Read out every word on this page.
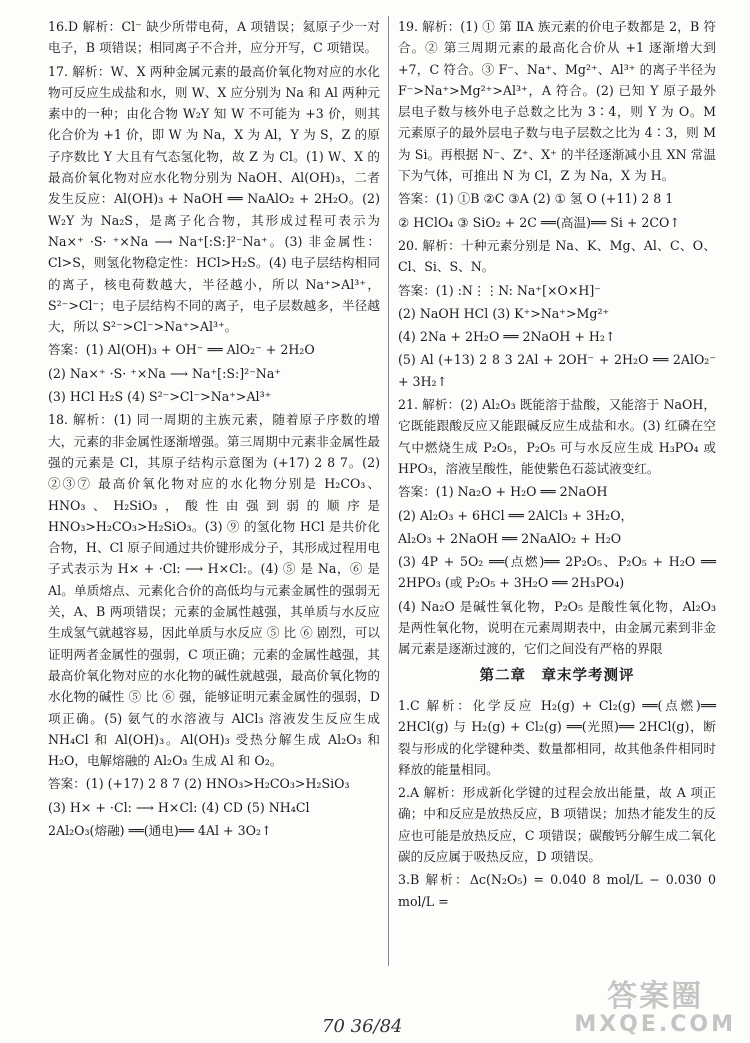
16.D 解析：Cl⁻ 缺少所带电荷，A 项错误；氦原子少一对电子，B 项错误；相同离子不合并，应分开写，C 项错误。

17. 解析：W、X 两种金属元素的最高价氧化物对应的水化物可反应生成盐和水，则 W、X 应分别为 Na 和 Al 两种元素中的一种；由化合物 W₂Y 知 W 不可能为 +3 价，则其化合价为 +1 价，即 W 为 Na，X 为 Al，Y 为 S，Z 的原子序数比 Y 大且有气态氢化物，故 Z 为 Cl。(1) W、X 的最高价氧化物对应水化物分别为 NaOH、Al(OH)₃，二者发生反应：Al(OH)₃ + NaOH ══ NaAlO₂ + 2H₂O。(2) W₂Y 为 Na₂S，是离子化合物，其形成过程可表示为 Na×⁺ ·S· ⁺×Na ⟶ Na⁺[:S:]²⁻Na⁺。(3) 非金属性：Cl>S，则氢化物稳定性：HCl>H₂S。(4) 电子层结构相同的离子，核电荷数越大，半径越小，所以 Na⁺>Al³⁺，S²⁻>Cl⁻；电子层结构不同的离子，电子层数越多，半径越大，所以 S²⁻>Cl⁻>Na⁺>Al³⁺。

答案：(1) Al(OH)₃ + OH⁻ ══ AlO₂⁻ + 2H₂O

(2) Na×⁺ ·S· ⁺×Na ⟶ Na⁺[:S:]²⁻Na⁺

(3) HCl H₂S (4) S²⁻>Cl⁻>Na⁺>Al³⁺

18. 解析：(1) 同一周期的主族元素，随着原子序数的增大，元素的非金属性逐渐增强。第三周期中元素非金属性最强的元素是 Cl，其原子结构示意图为 (+17) 2 8 7。(2) ②③⑦ 最高价氧化物对应的水化物分别是 H₂CO₃、HNO₃、H₂SiO₃，酸性由强到弱的顺序是 HNO₃>H₂CO₃>H₂SiO₃。(3) ⑨ 的氢化物 HCl 是共价化合物，H、Cl 原子间通过共价键形成分子，其形成过程用电子式表示为 H× + ·Cl: ⟶ H×Cl:。(4) ⑤ 是 Na，⑥ 是 Al。单质熔点、元素化合价的高低均与元素金属性的强弱无关，A、B 两项错误；元素的金属性越强，其单质与水反应生成氢气就越容易，因此单质与水反应 ⑤ 比 ⑥ 剧烈，可以证明两者金属性的强弱，C 项正确；元素的金属性越强，其最高价氧化物对应的水化物的碱性就越强，最高价氧化物的水化物的碱性 ⑤ 比 ⑥ 强，能够证明元素金属性的强弱，D 项正确。(5) 氨气的水溶液与 AlCl₃ 溶液发生反应生成 NH₄Cl 和 Al(OH)₃。Al(OH)₃ 受热分解生成 Al₂O₃ 和 H₂O，电解熔融的 Al₂O₃ 生成 Al 和 O₂。

答案：(1) (+17) 2 8 7 (2) HNO₃>H₂CO₃>H₂SiO₃

(3) H× + ·Cl: ⟶ H×Cl: (4) CD (5) NH₄Cl

2Al₂O₃(熔融) ══(通电)══ 4Al + 3O₂↑

19. 解析：(1) ① 第 ⅡA 族元素的价电子数都是 2，B 符合。② 第三周期元素的最高化合价从 +1 逐渐增大到 +7，C 符合。③ F⁻、Na⁺、Mg²⁺、Al³⁺ 的离子半径为 F⁻>Na⁺>Mg²⁺>Al³⁺，A 符合。(2) 已知 Y 原子最外层电子数与核外电子总数之比为 3∶4，则 Y 为 O。M 元素原子的最外层电子数与电子层数之比为 4∶3，则 M 为 Si。再根据 N⁻、Z⁺、X⁺ 的半径逐渐减小且 XN 常温下为气体，可推出 N 为 Cl，Z 为 Na，X 为 H。

答案：(1) ①B ②C ③A (2) ① 氢 O (+11) 2 8 1

② HClO₄ ③ SiO₂ + 2C ══(高温)══ Si + 2CO↑

20. 解析：十种元素分别是 Na、K、Mg、Al、C、O、Cl、Si、S、N。

答案：(1) :N⋮⋮N: Na⁺[×O×H]⁻

(2) NaOH HCl (3) K⁺>Na⁺>Mg²⁺

(4) 2Na + 2H₂O ══ 2NaOH + H₂↑

(5) Al (+13) 2 8 3 2Al + 2OH⁻ + 2H₂O ══ 2AlO₂⁻ + 3H₂↑

21. 解析：(2) Al₂O₃ 既能溶于盐酸，又能溶于 NaOH，它既能跟酸反应又能跟碱反应生成盐和水。(3) 红磷在空气中燃烧生成 P₂O₅，P₂O₅ 可与水反应生成 H₃PO₄ 或 HPO₃，溶液呈酸性，能使紫色石蕊试液变红。

答案：(1) Na₂O + H₂O ══ 2NaOH

(2) Al₂O₃ + 6HCl ══ 2AlCl₃ + 3H₂O，

Al₂O₃ + 2NaOH ══ 2NaAlO₂ + H₂O

(3) 4P + 5O₂ ══(点燃)══ 2P₂O₅、P₂O₅ + H₂O ══ 2HPO₃ (或 P₂O₅ + 3H₂O ══ 2H₃PO₄)

(4) Na₂O 是碱性氧化物，P₂O₅ 是酸性氧化物，Al₂O₃ 是两性氧化物，说明在元素周期表中，由金属元素到非金属元素是逐渐过渡的，它们之间没有严格的界限

第二章　章末学考测评

1.C 解析：化学反应 H₂(g) + Cl₂(g) ══(点燃)══ 2HCl(g) 与 H₂(g) + Cl₂(g) ══(光照)══ 2HCl(g)，断裂与形成的化学键种类、数量都相同，故其他条件相同时释放的能量相同。

2.A 解析：形成新化学键的过程会放出能量，故 A 项正确；中和反应是放热反应，B 项错误；加热才能发生的反应也可能是放热反应，C 项错误；碳酸钙分解生成二氧化碳的反应属于吸热反应，D 项错误。

3.B 解析：Δc(N₂O₅) = 0.040 8 mol/L − 0.030 0 mol/L =

70 36/84
答案圈
MXQE.COM
